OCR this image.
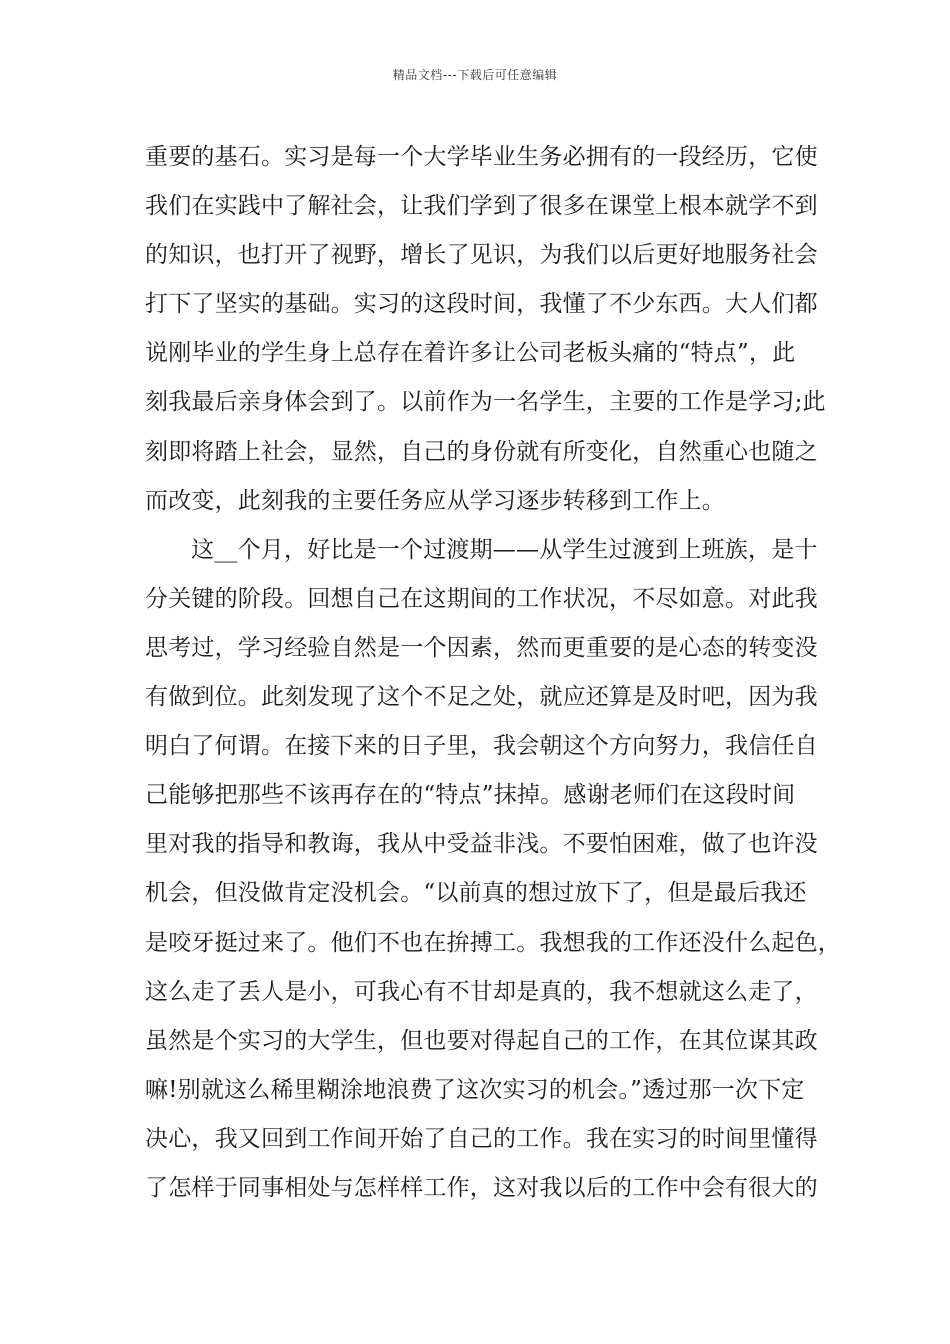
精品文档---下载后可任意编辑
重要的基石。实习是每一个大学毕业生务必拥有的一段经历，它使
我们在实践中了解社会，让我们学到了很多在课堂上根本就学不到
的知识，也打开了视野，增长了见识，为我们以后更好地服务社会
打下了坚实的基础。实习的这段时间，我懂了不少东西。大人们都
说刚毕业的学生身上总存在着许多让公司老板头痛的“特点”，此
刻我最后亲身体会到了。以前作为一名学生，主要的工作是学习;此
刻即将踏上社会，显然，自己的身份就有所变化，自然重心也随之
而改变，此刻我的主要任务应从学习逐步转移到工作上。
这__个月，好比是一个过渡期——从学生过渡到上班族，是十
分关键的阶段。回想自己在这期间的工作状况，不尽如意。对此我
思考过，学习经验自然是一个因素，然而更重要的是心态的转变没
有做到位。此刻发现了这个不足之处，就应还算是及时吧，因为我
明白了何谓。在接下来的日子里，我会朝这个方向努力，我信任自
己能够把那些不该再存在的“特点”抹掉。感谢老师们在这段时间
里对我的指导和教诲，我从中受益非浅。不要怕困难，做了也许没
机会，但没做肯定没机会。“以前真的想过放下了，但是最后我还
是咬牙挺过来了。他们不也在拚搏工。我想我的工作还没什么起色，
这么走了丢人是小，可我心有不甘却是真的，我不想就这么走了，
虽然是个实习的大学生，但也要对得起自己的工作，在其位谋其政
嘛!别就这么稀里糊涂地浪费了这次实习的机会。”透过那一次下定
决心，我又回到工作间开始了自己的工作。我在实习的时间里懂得
了怎样于同事相处与怎样样工作，这对我以后的工作中会有很大的
